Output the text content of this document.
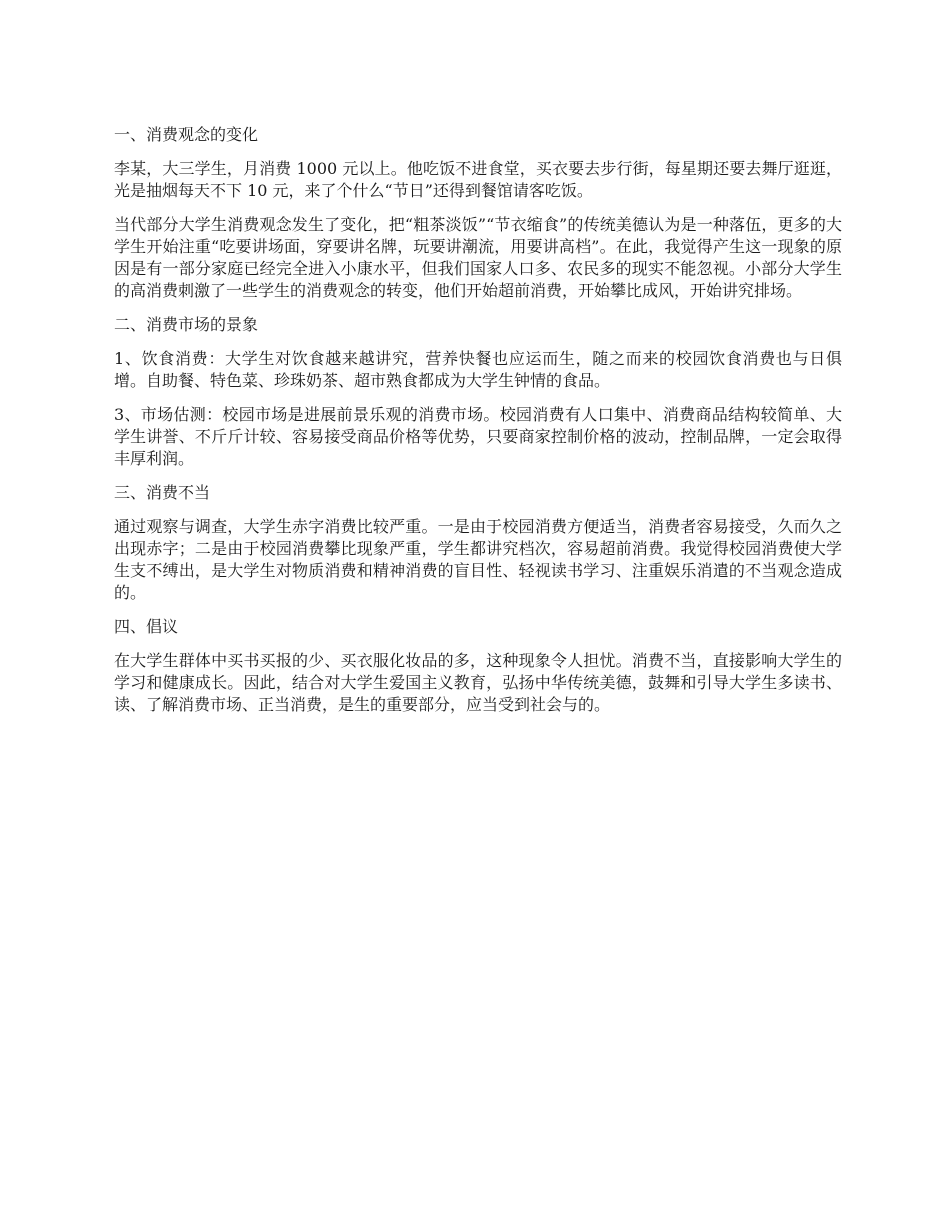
一、消费观念的变化

李某，大三学生，月消费 1000 元以上。他吃饭不进食堂，买衣要去步行街，每星期还要去舞厅逛逛，光是抽烟每天不下 10 元，来了个什么“节日”还得到餐馆请客吃饭。

当代部分大学生消费观念发生了变化，把“粗茶淡饭”“节衣缩食”的传统美德认为是一种落伍，更多的大学生开始注重“吃要讲场面，穿要讲名牌，玩要讲潮流，用要讲高档”。在此，我觉得产生这一现象的原因是有一部分家庭已经完全进入小康水平，但我们国家人口多、农民多的现实不能忽视。小部分大学生的高消费刺激了一些学生的消费观念的转变，他们开始超前消费，开始攀比成风，开始讲究排场。

二、消费市场的景象

1、饮食消费：大学生对饮食越来越讲究，营养快餐也应运而生，随之而来的校园饮食消费也与日俱增。自助餐、特色菜、珍珠奶茶、超市熟食都成为大学生钟情的食品。

3、市场估测：校园市场是进展前景乐观的消费市场。校园消费有人口集中、消费商品结构较简单、大学生讲誉、不斤斤计较、容易接受商品价格等优势，只要商家控制价格的波动，控制品牌，一定会取得丰厚利润。

三、消费不当

通过观察与调查，大学生赤字消费比较严重。一是由于校园消费方便适当，消费者容易接受，久而久之出现赤字；二是由于校园消费攀比现象严重，学生都讲究档次，容易超前消费。我觉得校园消费使大学生支不缚出，是大学生对物质消费和精神消费的盲目性、轻视读书学习、注重娱乐消遣的不当观念造成的。

四、倡议

在大学生群体中买书买报的少、买衣服化妆品的多，这种现象令人担忧。消费不当，直接影响大学生的学习和健康成长。因此，结合对大学生爱国主义教育，弘扬中华传统美德，鼓舞和引导大学生多读书、读、了解消费市场、正当消费，是生的重要部分，应当受到社会与的。
